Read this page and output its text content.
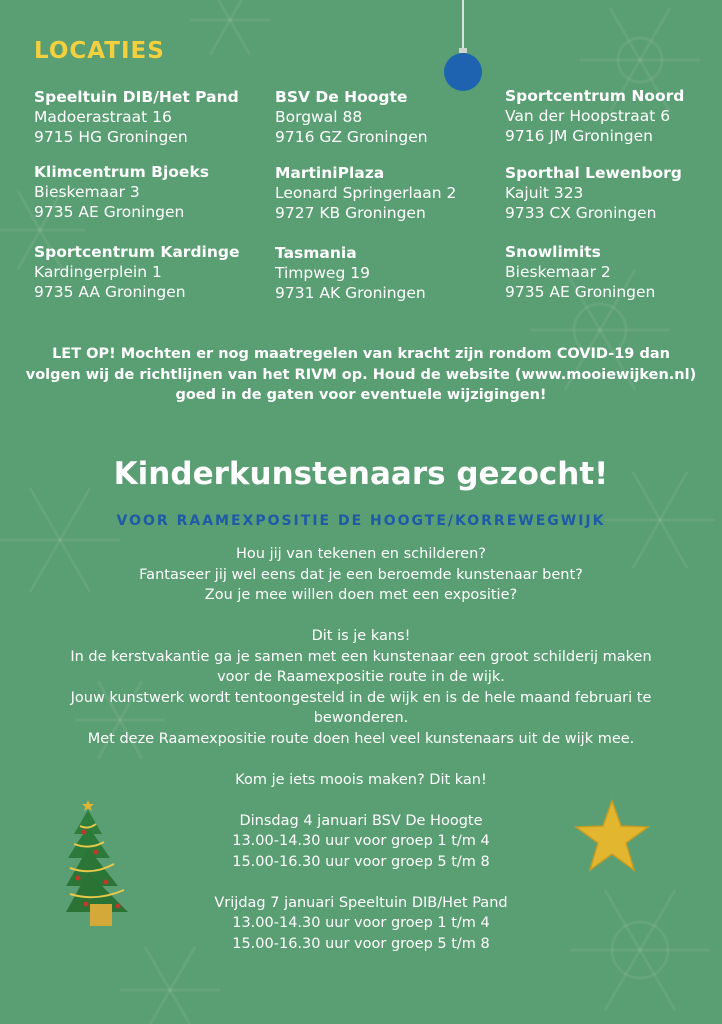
LOCATIES
Speeltuin DIB/Het Pand
Madoerastraat 16
9715 HG Groningen
BSV De Hoogte
Borgwal 88
9716 GZ Groningen
Sportcentrum Noord
Van der Hoopstraat 6
9716 JM Groningen
Klimcentrum Bjoeks
Bieskemaar 3
9735 AE Groningen
MartiniPlaza
Leonard Springerlaan 2
9727 KB Groningen
Sporthal Lewenborg
Kajuit 323
9733 CX Groningen
Sportcentrum Kardinge
Kardingerplein 1
9735 AA Groningen
Tasmania
Timpweg 19
9731 AK Groningen
Snowlimits
Bieskemaar 2
9735 AE Groningen
LET OP! Mochten er nog maatregelen van kracht zijn rondom COVID-19 dan
volgen wij de richtlijnen van het RIVM op. Houd de website (www.mooiewijken.nl)
goed in de gaten voor eventuele wijzigingen!
Kinderkunstenaars gezocht!
VOOR RAAMEXPOSITIE DE HOOGTE/KORREWEGWIJK

Hou jij van tekenen en schilderen?

Fantaseer jij wel eens dat je een beroemde kunstenaar bent?

Zou je mee willen doen met een expositie?

Dit is je kans!

In de kerstvakantie ga je samen met een kunstenaar een groot schilderij maken

voor de Raamexpositie route in de wijk.

Jouw kunstwerk wordt tentoongesteld in de wijk en is de hele maand februari te

bewonderen.

Met deze Raamexpositie route doen heel veel kunstenaars uit de wijk mee.

Kom je iets moois maken? Dit kan!

Dinsdag 4 januari BSV De Hoogte

13.00-14.30 uur voor groep 1 t/m 4

15.00-16.30 uur voor groep 5 t/m 8

Vrijdag 7 januari Speeltuin DIB/Het Pand

13.00-14.30 uur voor groep 1 t/m 4

15.00-16.30 uur voor groep 5 t/m 8
